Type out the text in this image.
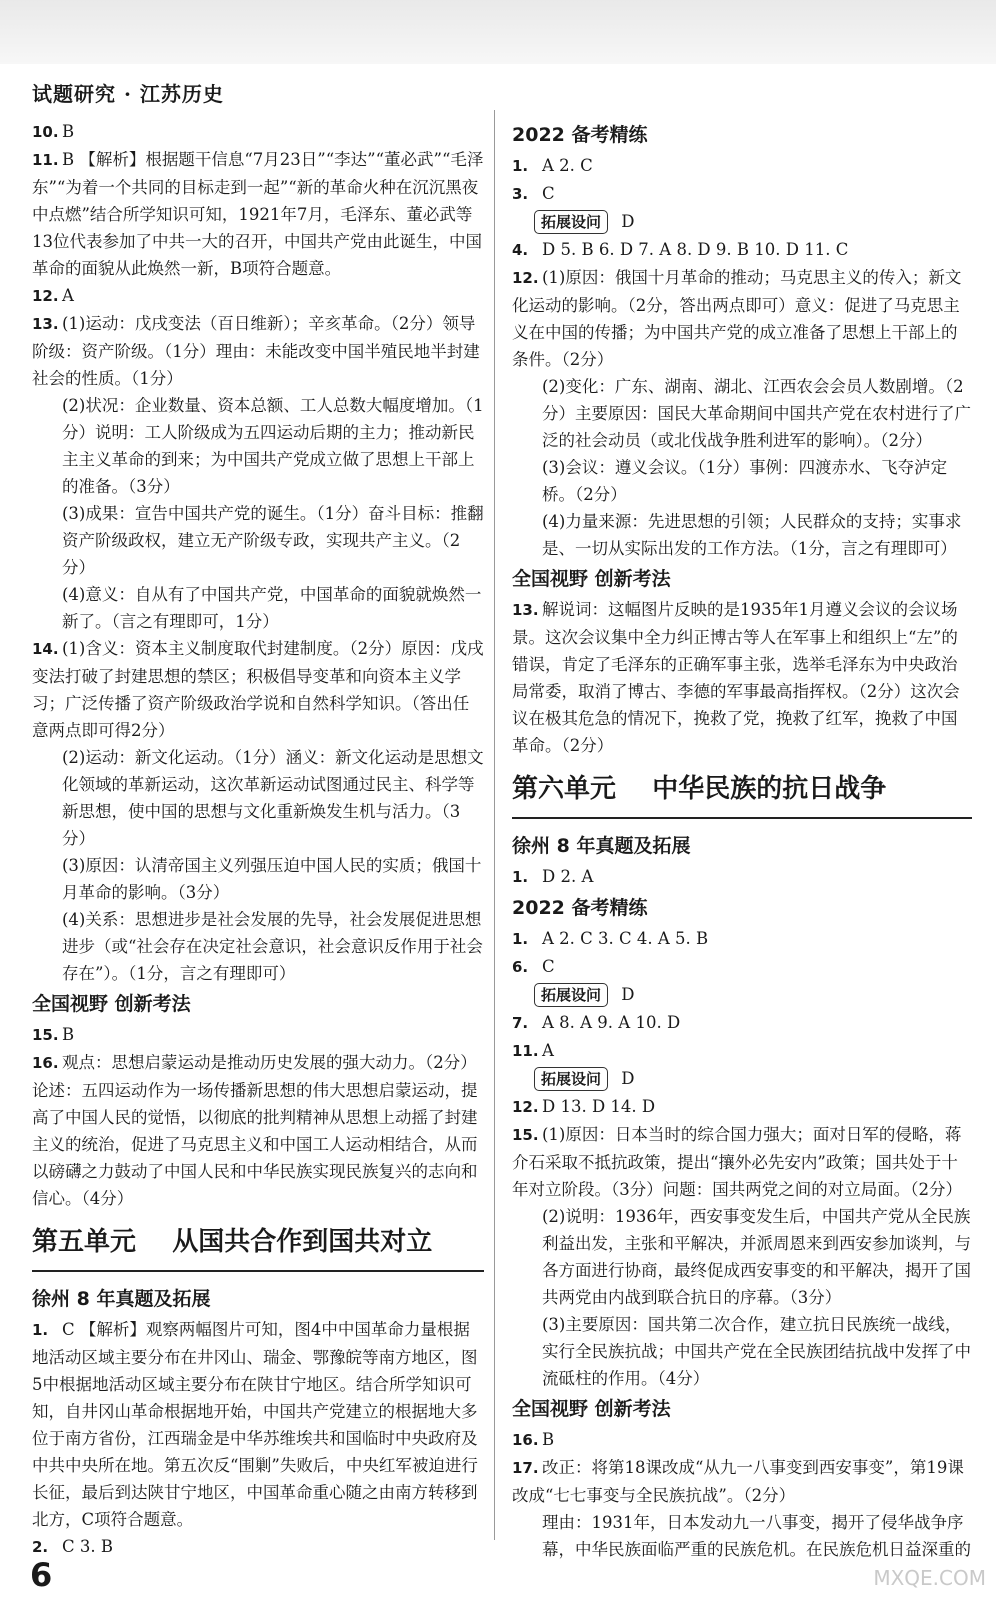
试题研究 · 江苏历史

10. B

11. B 【解析】根据题干信息“7月23日”“李达”“董必武”“毛泽东”“为着一个共同的目标走到一起”“新的革命火种在沉沉黑夜中点燃”结合所学知识可知，1921年7月，毛泽东、董必武等13位代表参加了中共一大的召开，中国共产党由此诞生，中国革命的面貌从此焕然一新，B项符合题意。

12. A

13. (1)运动：戊戌变法（百日维新）；辛亥革命。（2分）领导阶级：资产阶级。（1分）理由：未能改变中国半殖民地半封建社会的性质。（1分）

(2)状况：企业数量、资本总额、工人总数大幅度增加。（1分）说明：工人阶级成为五四运动后期的主力；推动新民主主义革命的到来；为中国共产党成立做了思想上干部上的准备。（3分）

(3)成果：宣告中国共产党的诞生。（1分）奋斗目标：推翻资产阶级政权，建立无产阶级专政，实现共产主义。（2分）

(4)意义：自从有了中国共产党，中国革命的面貌就焕然一新了。（言之有理即可，1分）

14. (1)含义：资本主义制度取代封建制度。（2分）原因：戊戌变法打破了封建思想的禁区；积极倡导变革和向资本主义学习；广泛传播了资产阶级政治学说和自然科学知识。（答出任意两点即可得2分）

(2)运动：新文化运动。（1分）涵义：新文化运动是思想文化领域的革新运动，这次革新运动试图通过民主、科学等新思想，使中国的思想与文化重新焕发生机与活力。（3分）

(3)原因：认清帝国主义列强压迫中国人民的实质；俄国十月革命的影响。（3分）

(4)关系：思想进步是社会发展的先导，社会发展促进思想进步（或“社会存在决定社会意识，社会意识反作用于社会存在”）。（1分，言之有理即可）

全国视野 创新考法

15. B

16. 观点：思想启蒙运动是推动历史发展的强大动力。（2分）论述：五四运动作为一场传播新思想的伟大思想启蒙运动，提高了中国人民的觉悟，以彻底的批判精神从思想上动摇了封建主义的统治，促进了马克思主义和中国工人运动相结合，从而以磅礴之力鼓动了中国人民和中华民族实现民族复兴的志向和信心。（4分）

第五单元    从国共合作到国共对立
徐州 8 年真题及拓展

1. C 【解析】观察两幅图片可知，图4中中国革命力量根据地活动区域主要分布在井冈山、瑞金、鄂豫皖等南方地区，图5中根据地活动区域主要分布在陕甘宁地区。结合所学知识可知，自井冈山革命根据地开始，中国共产党建立的根据地大多位于南方省份，江西瑞金是中华苏维埃共和国临时中央政府及中共中央所在地。第五次反“围剿”失败后，中央红军被迫进行长征，最后到达陕甘宁地区，中国革命重心随之由南方转移到北方，C项符合题意。

2. C 3. B

2022 备考精练

1. A 2. C

3. C

拓展设问 D

4. D 5. B 6. D 7. A 8. D 9. B 10. D 11. C

12. (1)原因：俄国十月革命的推动；马克思主义的传入；新文化运动的影响。（2分，答出两点即可）意义：促进了马克思主义在中国的传播；为中国共产党的成立准备了思想上干部上的条件。（2分）

(2)变化：广东、湖南、湖北、江西农会会员人数剧增。（2分）主要原因：国民大革命期间中国共产党在农村进行了广泛的社会动员（或北伐战争胜利进军的影响）。（2分）

(3)会议：遵义会议。（1分）事例：四渡赤水、飞夺泸定桥。（2分）

(4)力量来源：先进思想的引领；人民群众的支持；实事求是、一切从实际出发的工作方法。（1分，言之有理即可）

全国视野 创新考法

13. 解说词：这幅图片反映的是1935年1月遵义会议的会议场景。这次会议集中全力纠正博古等人在军事上和组织上“左”的错误，肯定了毛泽东的正确军事主张，选举毛泽东为中央政治局常委，取消了博古、李德的军事最高指挥权。（2分）这次会议在极其危急的情况下，挽救了党，挽救了红军，挽救了中国革命。（2分）

第六单元    中华民族的抗日战争
徐州 8 年真题及拓展

1. D 2. A

2022 备考精练

1. A 2. C 3. C 4. A 5. B

6. C

拓展设问 D

7. A 8. A 9. A 10. D

11. A

拓展设问 D

12. D 13. D 14. D

15. (1)原因：日本当时的综合国力强大；面对日军的侵略，蒋介石采取不抵抗政策，提出“攘外必先安内”政策；国共处于十年对立阶段。（3分）问题：国共两党之间的对立局面。（2分）

(2)说明：1936年，西安事变发生后，中国共产党从全民族利益出发，主张和平解决，并派周恩来到西安参加谈判，与各方面进行协商，最终促成西安事变的和平解决，揭开了国共两党由内战到联合抗日的序幕。（3分）

(3)主要原因：国共第二次合作，建立抗日民族统一战线，实行全民族抗战；中国共产党在全民族团结抗战中发挥了中流砥柱的作用。（4分）

全国视野 创新考法

16. B

17. 改正：将第18课改成“从九一八事变到西安事变”，第19课改成“七七事变与全民族抗战”。（2分）

理由：1931年，日本发动九一八事变，揭开了侵华战争序幕，中华民族面临严重的民族危机。在民族危机日益深重的

6	MXQE.COM
